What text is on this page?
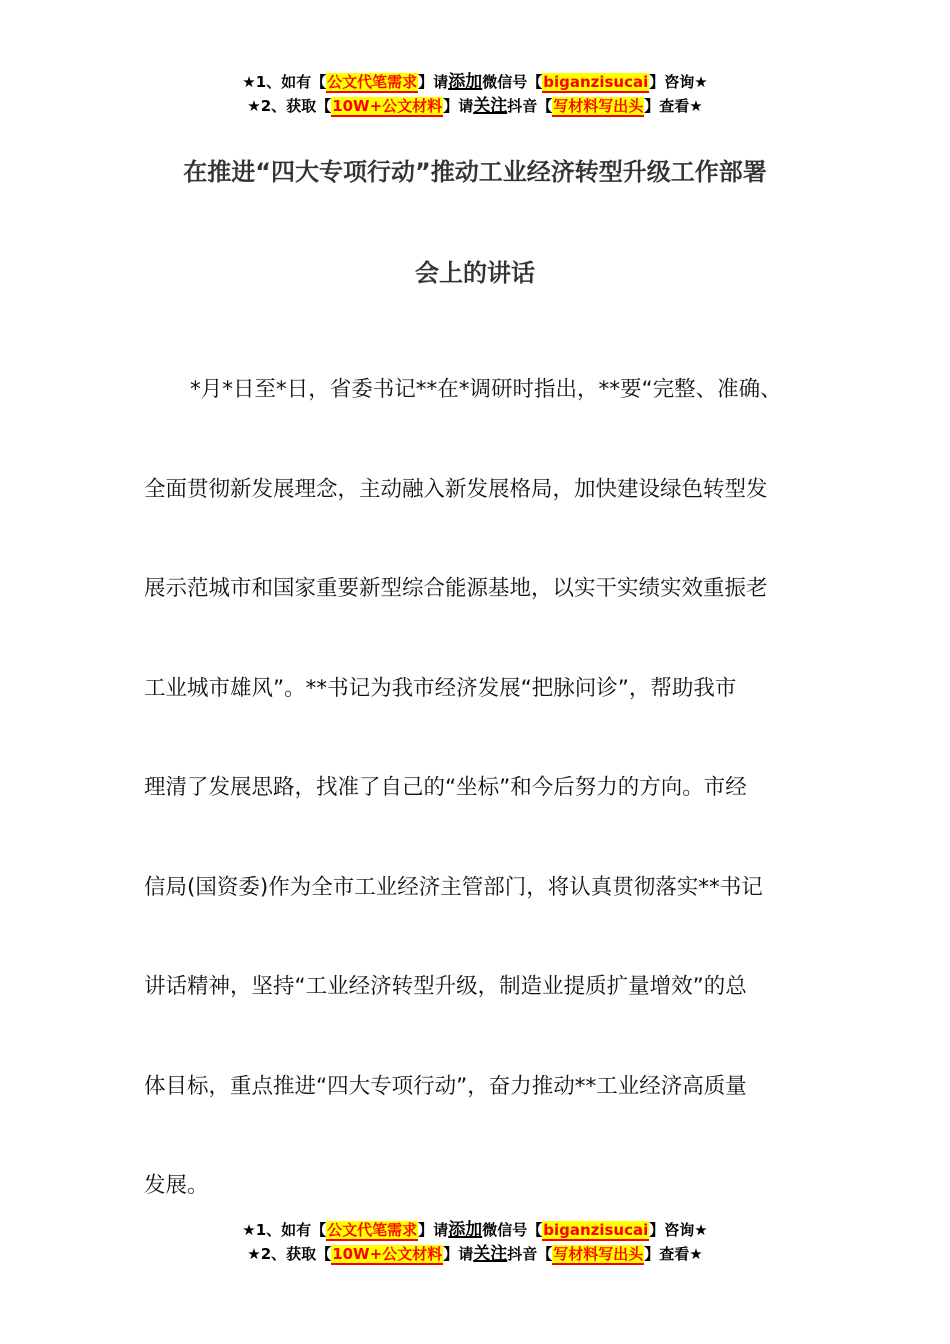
★1、如有【公文代笔需求】请添加微信号【biganzisucai】咨询★
★2、获取【10W+公文材料】请关注抖音【写材料写出头】查看★
在推进“四大专项行动”推动工业经济转型升级工作部署
会上的讲话
*月*日至*日，省委书记**在*调研时指出，**要“完整、准确、
全面贯彻新发展理念，主动融入新发展格局，加快建设绿色转型发
展示范城市和国家重要新型综合能源基地，以实干实绩实效重振老
工业城市雄风”。**书记为我市经济发展“把脉问诊”，帮助我市
理清了发展思路，找准了自己的“坐标”和今后努力的方向。市经
信局(国资委)作为全市工业经济主管部门，将认真贯彻落实**书记
讲话精神，坚持“工业经济转型升级，制造业提质扩量增效”的总
体目标，重点推进“四大专项行动”，奋力推动**工业经济高质量
发展。
★1、如有【公文代笔需求】请添加微信号【biganzisucai】咨询★
★2、获取【10W+公文材料】请关注抖音【写材料写出头】查看★
